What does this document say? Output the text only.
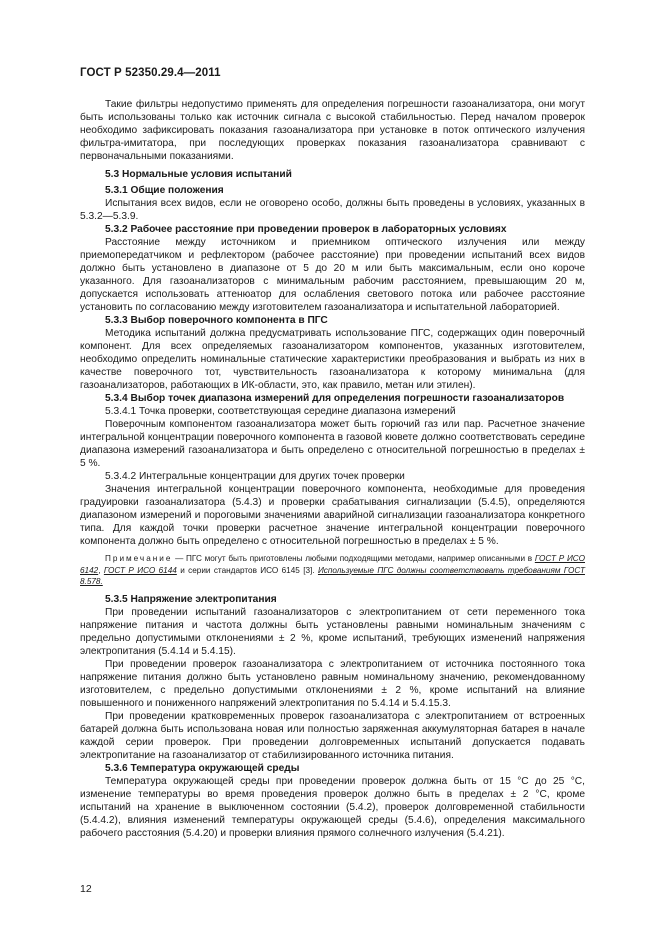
ГОСТ Р 52350.29.4—2011

Такие фильтры недопустимо применять для определения погрешности газоанализатора, они могут быть использованы только как источник сигнала с высокой стабильностью. Перед началом проверок необходимо зафиксировать показания газоанализатора при установке в поток оптического излучения фильтра-имитатора, при последующих проверках показания газоанализатора сравнивают с первоначальными показаниями.

5.3 Нормальные условия испытаний
5.3.1 Общие положения

Испытания всех видов, если не оговорено особо, должны быть проведены в условиях, указанных в 5.3.2—5.3.9.

5.3.2 Рабочее расстояние при проведении проверок в лабораторных условиях

Расстояние между источником и приемником оптического излучения или между приемопередатчиком и рефлектором (рабочее расстояние) при проведении испытаний всех видов должно быть установлено в диапазоне от 5 до 20 м или быть максимальным, если оно короче указанного. Для газоанализаторов с минимальным рабочим расстоянием, превышающим 20 м, допускается использовать аттенюатор для ослабления светового потока или рабочее расстояние установить по согласованию между изготовителем газоанализатора и испытательной лабораторией.

5.3.3 Выбор поверочного компонента в ПГС

Методика испытаний должна предусматривать использование ПГС, содержащих один поверочный компонент. Для всех определяемых газоанализатором компонентов, указанных изготовителем, необходимо определить номинальные статические характеристики преобразования и выбрать из них в качестве поверочного тот, чувствительность газоанализатора к которому минимальна (для газоанализаторов, работающих в ИК-области, это, как правило, метан или этилен).

5.3.4 Выбор точек диапазона измерений для определения погрешности газоанализаторов
5.3.4.1 Точка проверки, соответствующая середине диапазона измерений

Поверочным компонентом газоанализатора может быть горючий газ или пар. Расчетное значение интегральной концентрации поверочного компонента в газовой кювете должно соответствовать середине диапазона измерений газоанализатора и быть определено с относительной погрешностью в пределах ± 5 %.

5.3.4.2 Интегральные концентрации для других точек проверки

Значения интегральной концентрации поверочного компонента, необходимые для проведения градуировки газоанализатора (5.4.3) и проверки срабатывания сигнализации (5.4.5), определяются диапазоном измерений и пороговыми значениями аварийной сигнализации газоанализатора конкретного типа. Для каждой точки проверки расчетное значение интегральной концентрации поверочного компонента должно быть определено с относительной погрешностью в пределах ± 5 %.

Примечание — ПГС могут быть приготовлены любыми подходящими методами, например описанными в ГОСТ Р ИСО 6142, ГОСТ Р ИСО 6144 и серии стандартов ИСО 6145 [3]. Используемые ПГС должны соответствовать требованиям ГОСТ 8.578.

5.3.5 Напряжение электропитания

При проведении испытаний газоанализаторов с электропитанием от сети переменного тока напряжение питания и частота должны быть установлены равными номинальным значениям с предельно допустимыми отклонениями ± 2 %, кроме испытаний, требующих изменений напряжения электропитания (5.4.14 и 5.4.15).

При проведении проверок газоанализатора с электропитанием от источника постоянного тока напряжение питания должно быть установлено равным номинальному значению, рекомендованному изготовителем, с предельно допустимыми отклонениями ± 2 %, кроме испытаний на влияние повышенного и пониженного напряжений электропитания по 5.4.14 и 5.4.15.3.

При проведении кратковременных проверок газоанализатора с электропитанием от встроенных батарей должна быть использована новая или полностью заряженная аккумуляторная батарея в начале каждой серии проверок. При проведении долговременных испытаний допускается подавать электропитание на газоанализатор от стабилизированного источника питания.

5.3.6 Температура окружающей среды

Температура окружающей среды при проведении проверок должна быть от 15 °С до 25 °С, изменение температуры во время проведения проверок должно быть в пределах ± 2 °С, кроме испытаний на хранение в выключенном состоянии (5.4.2), проверок долговременной стабильности (5.4.4.2), влияния изменений температуры окружающей среды (5.4.6), определения максимального рабочего расстояния (5.4.20) и проверки влияния прямого солнечного излучения (5.4.21).

12
